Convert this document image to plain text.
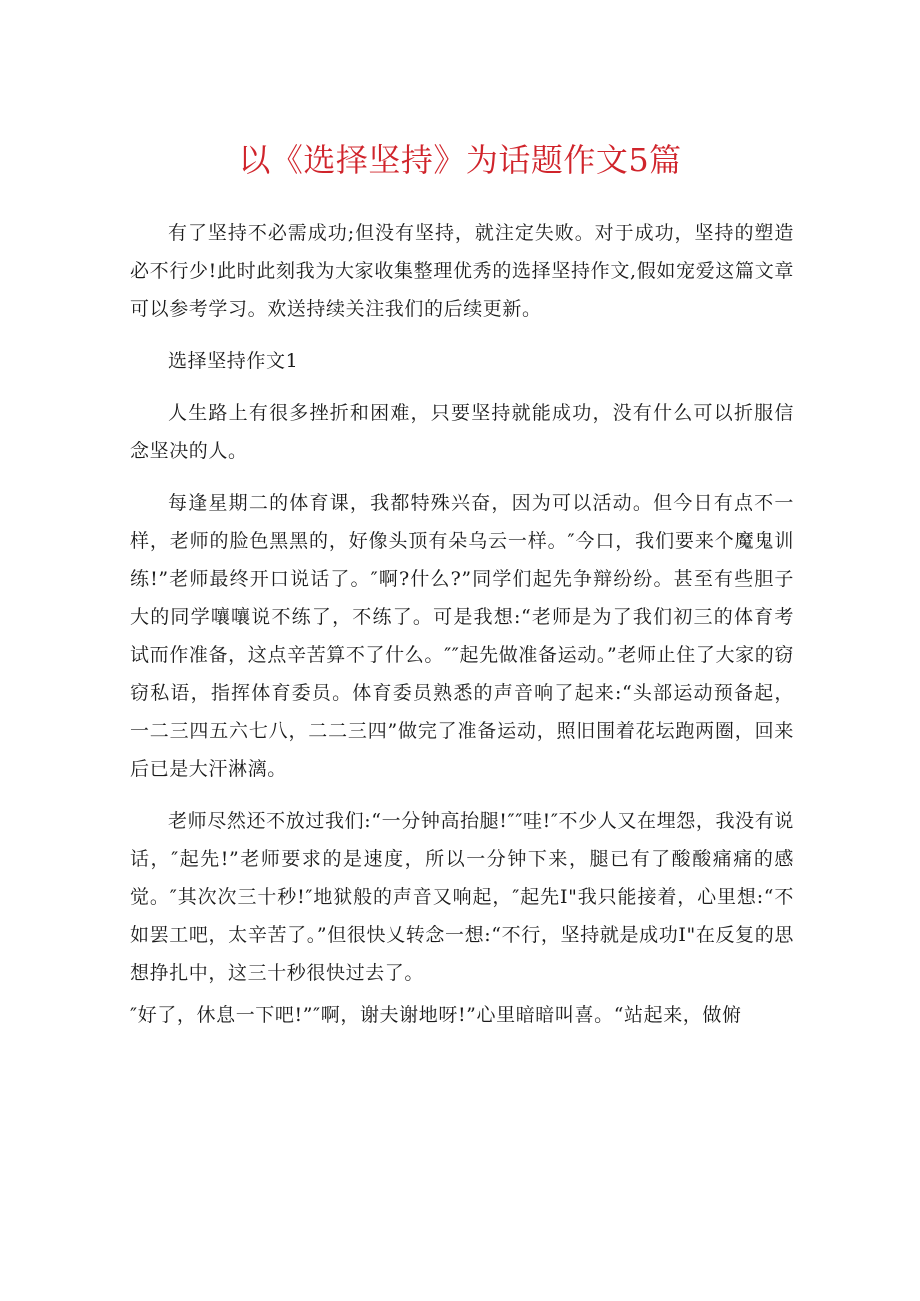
以《选择坚持》为话题作文5篇

有了坚持不必需成功;但没有坚持，就注定失败。对于成功，坚持的塑造必不行少!此时此刻我为大家收集整理优秀的选择坚持作文,假如宠爱这篇文章可以参考学习。欢送持续关注我们的后续更新。

选择坚持作文1

人生路上有很多挫折和困难，只要坚持就能成功，没有什么可以折服信念坚决的人。

每逢星期二的体育课，我都特殊兴奋，因为可以活动。但今日有点不一样，老师的脸色黑黑的，好像头顶有朵乌云一样。″今口，我们要来个魔鬼训练!”老师最终开口说话了。″啊?什么?”同学们起先争辩纷纷。甚至有些胆子大的同学嚷嚷说不练了，不练了。可是我想:“老师是为了我们初三的体育考试而作准备，这点辛苦算不了什么。″″起先做准备运动。”老师止住了大家的窃窃私语，指挥体育委员。体育委员熟悉的声音响了起来:“头部运动预备起，一二三四五六七八，二二三四”做完了准备运动，照旧围着花坛跑两圈，回来后已是大汗淋漓。

老师尽然还不放过我们:“一分钟高抬腿!″″哇!″不少人又在埋怨，我没有说话，″起先!”老师要求的是速度，所以一分钟下来，腿已有了酸酸痛痛的感觉。″其次次三十秒!″地狱般的声音又响起，″起先I"我只能接着，心里想:“不如罢工吧，太辛苦了。”但很快乂转念一想:“不行，坚持就是成功I"在反复的思想挣扎中，这三十秒很快过去了。

″好了，休息一下吧!”″啊，谢夫谢地呀!”心里暗暗叫喜。“站起来，做俯
